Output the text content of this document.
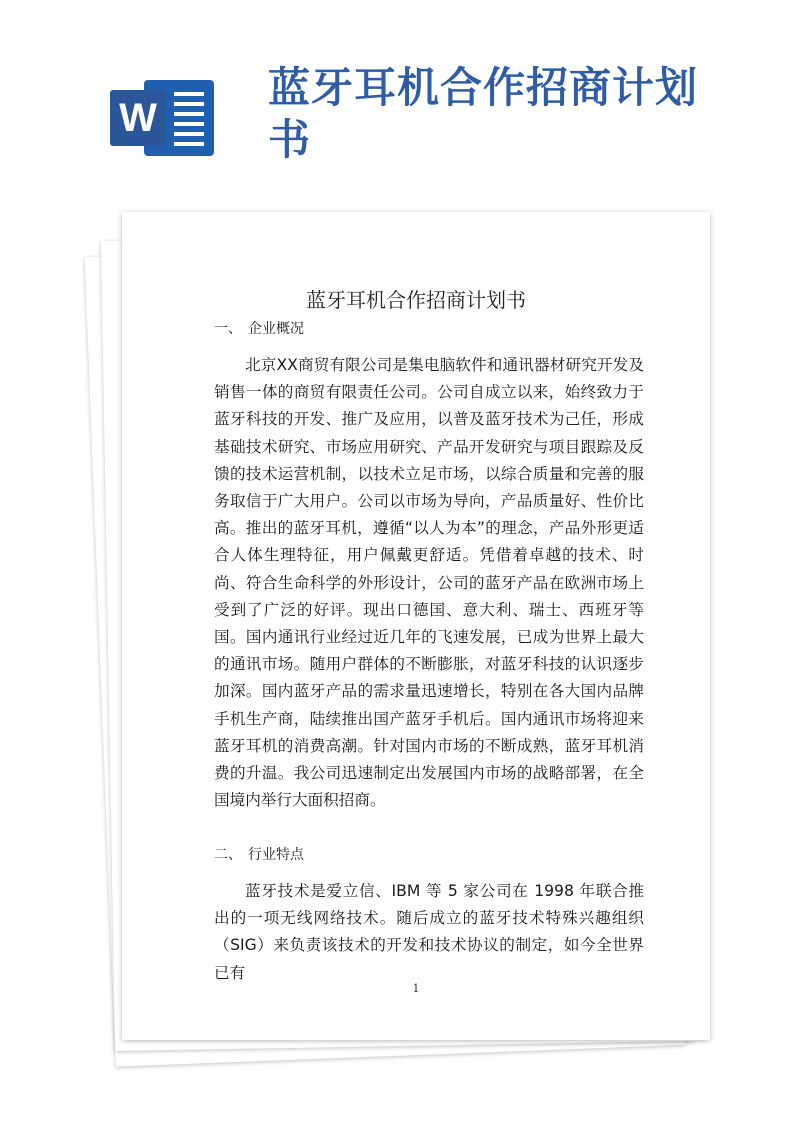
W
蓝牙耳机合作招商计划书
蓝牙耳机合作招商计划书
一、 企业概况

北京XX商贸有限公司是集电脑软件和通讯器材研究开发及销售一体的商贸有限责任公司。公司自成立以来，始终致力于蓝牙科技的开发、推广及应用，以普及蓝牙技术为己任，形成基础技术研究、市场应用研究、产品开发研究与项目跟踪及反馈的技术运营机制，以技术立足市场，以综合质量和完善的服务取信于广大用户。公司以市场为导向，产品质量好、性价比高。推出的蓝牙耳机，遵循“以人为本”的理念，产品外形更适合人体生理特征，用户佩戴更舒适。凭借着卓越的技术、时尚、符合生命科学的外形设计，公司的蓝牙产品在欧洲市场上受到了广泛的好评。现出口德国、意大利、瑞士、西班牙等国。国内通讯行业经过近几年的飞速发展，已成为世界上最大的通讯市场。随用户群体的不断膨胀，对蓝牙科技的认识逐步加深。国内蓝牙产品的需求量迅速增长，特别在各大国内品牌手机生产商，陆续推出国产蓝牙手机后。国内通讯市场将迎来蓝牙耳机的消费高潮。针对国内市场的不断成熟，蓝牙耳机消费的升温。我公司迅速制定出发展国内市场的战略部署，在全国境内举行大面积招商。

二、 行业特点

蓝牙技术是爱立信、IBM 等 5 家公司在 1998 年联合推出的一项无线网络技术。随后成立的蓝牙技术特殊兴趣组织（SIG）来负责该技术的开发和技术协议的制定，如今全世界已有

1
